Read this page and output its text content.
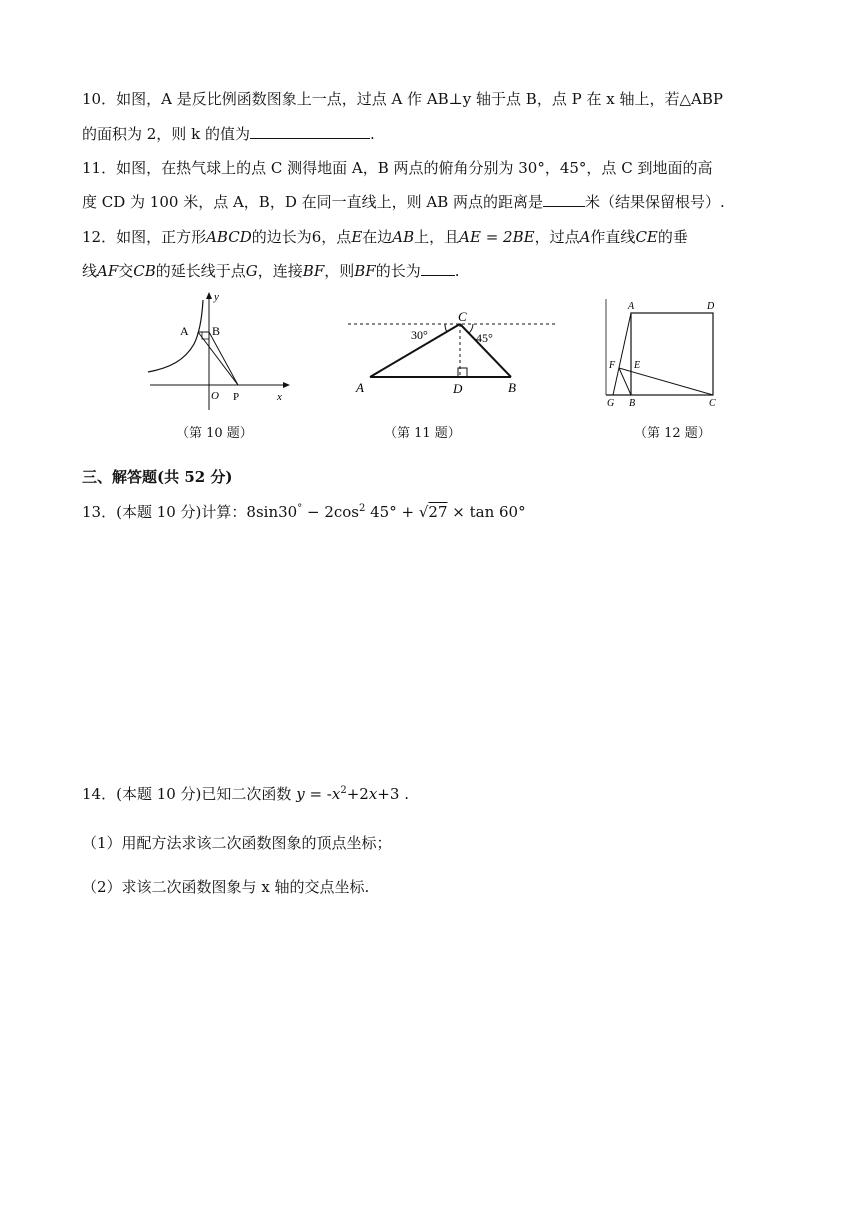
10．如图，A 是反比例函数图象上一点，过点 A 作 AB⊥y 轴于点 B，点 P 在 x 轴上，若△ABP
的面积为 2，则 k 的值为	.
11．如图，在热气球上的点 C 测得地面 A，B 两点的俯角分别为 30°，45°，点 C 到地面的高
度 CD 为 100 米，点 A，B，D 在同一直线上，则 AB 两点的距离是	米（结果保留根号）.
12．如图，正方形ABCD的边长为6，点E在边AB上，且AE = 2BE，过点A作直线CE的垂
线AF交CB的延长线于点G，连接BF，则BF的长为 .
y
x
A B
O P
（第 10 题）
C
A	D	B
30°	45°
（第 11 题）
A	D
F E
G B	C
（第 12 题）
三、解答题(共 52 分)
13．(本题 10 分)计算：$8\sin 30^\circ - 2\cos^2$ 45° + √27 × tan 60°
14．(本题 10 分)已知二次函数 $y = -x^2+2x+3$ .
（1）用配方法求该二次函数图象的顶点坐标；
（2）求该二次函数图象与 x 轴的交点坐标.
